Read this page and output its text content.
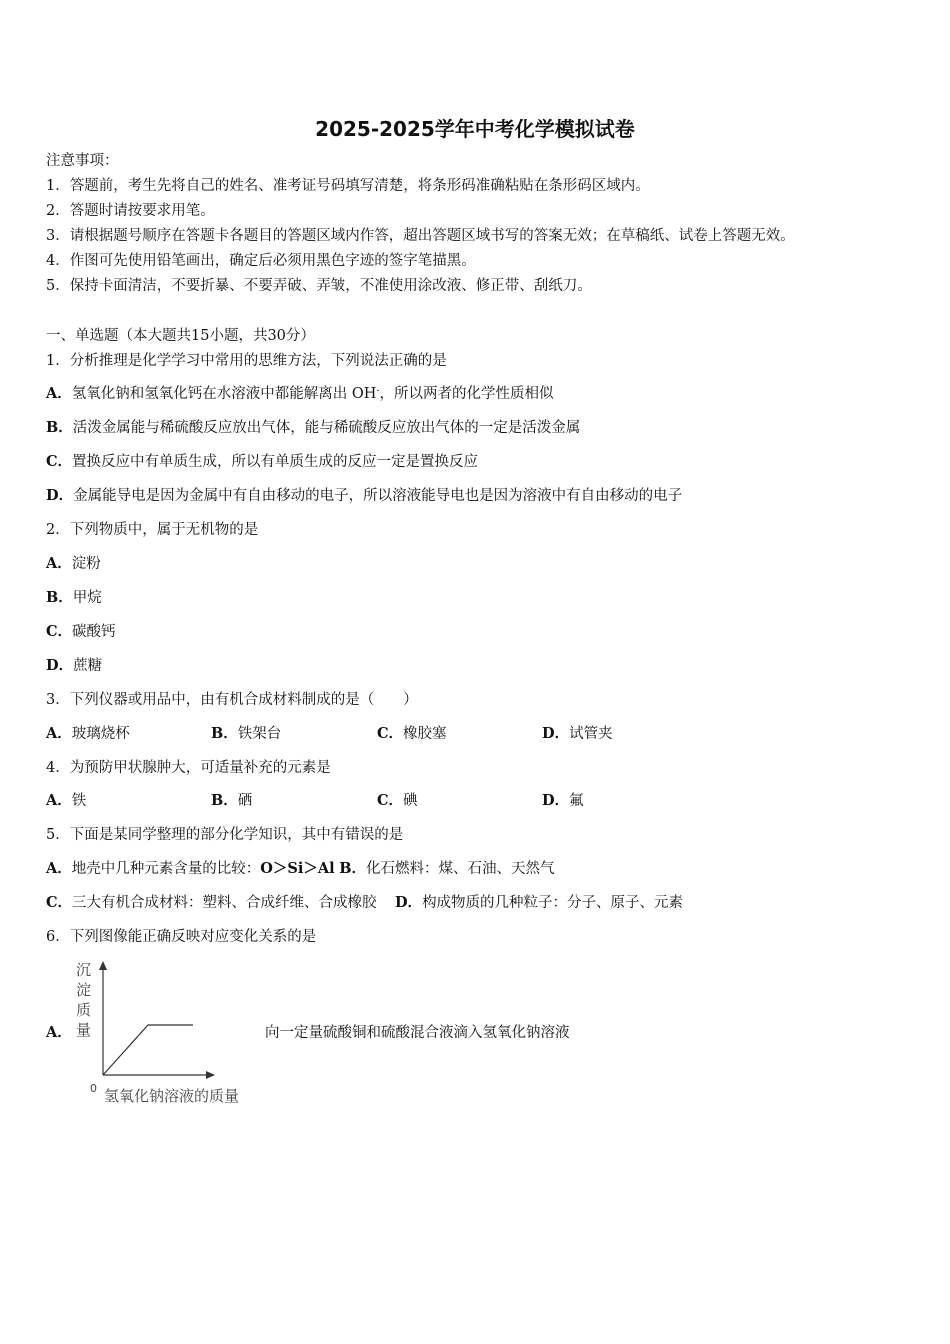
2025-2025学年中考化学模拟试卷
注意事项：
1．答题前，考生先将自己的姓名、准考证号码填写清楚，将条形码准确粘贴在条形码区域内。
2．答题时请按要求用笔。
3．请根据题号顺序在答题卡各题目的答题区域内作答，超出答题区域书写的答案无效；在草稿纸、试卷上答题无效。
4．作图可先使用铅笔画出，确定后必须用黑色字迹的签字笔描黑。
5．保持卡面清洁，不要折暴、不要弄破、弄皱，不准使用涂改液、修正带、刮纸刀。
一、单选题（本大题共15小题，共30分）
1．分析推理是化学学习中常用的思维方法，下列说法正确的是
A．氢氧化钠和氢氧化钙在水溶液中都能解离出 OH-，所以两者的化学性质相似
B．活泼金属能与稀硫酸反应放出气体，能与稀硫酸反应放出气体的一定是活泼金属
C．置换反应中有单质生成，所以有单质生成的反应一定是置换反应
D．金属能导电是因为金属中有自由移动的电子，所以溶液能导电也是因为溶液中有自由移动的电子
2．下列物质中，属于无机物的是
A．淀粉
B．甲烷
C．碳酸钙
D．蔗糖
3．下列仪器或用品中，由有机合成材料制成的是（　　）
A．玻璃烧杯	B．铁架台	C．橡胶塞	D．试管夹
4．为预防甲状腺肿大，可适量补充的元素是
A．铁	B．硒	C．碘	D．氟
5．下面是某同学整理的部分化学知识，其中有错误的是
A．地壳中几种元素含量的比较：O＞Si＞Al B．化石燃料：煤、石油、天然气
C．三大有机合成材料：塑料、合成纤维、合成橡胶 D．构成物质的几种粒子：分子、原子、元素
6．下列图像能正确反映对应变化关系的是
A．	向一定量硫酸铜和硫酸混合液滴入氢氧化钠溶液
沉
淀
质
量
0 氢氧化钠溶液的质量
